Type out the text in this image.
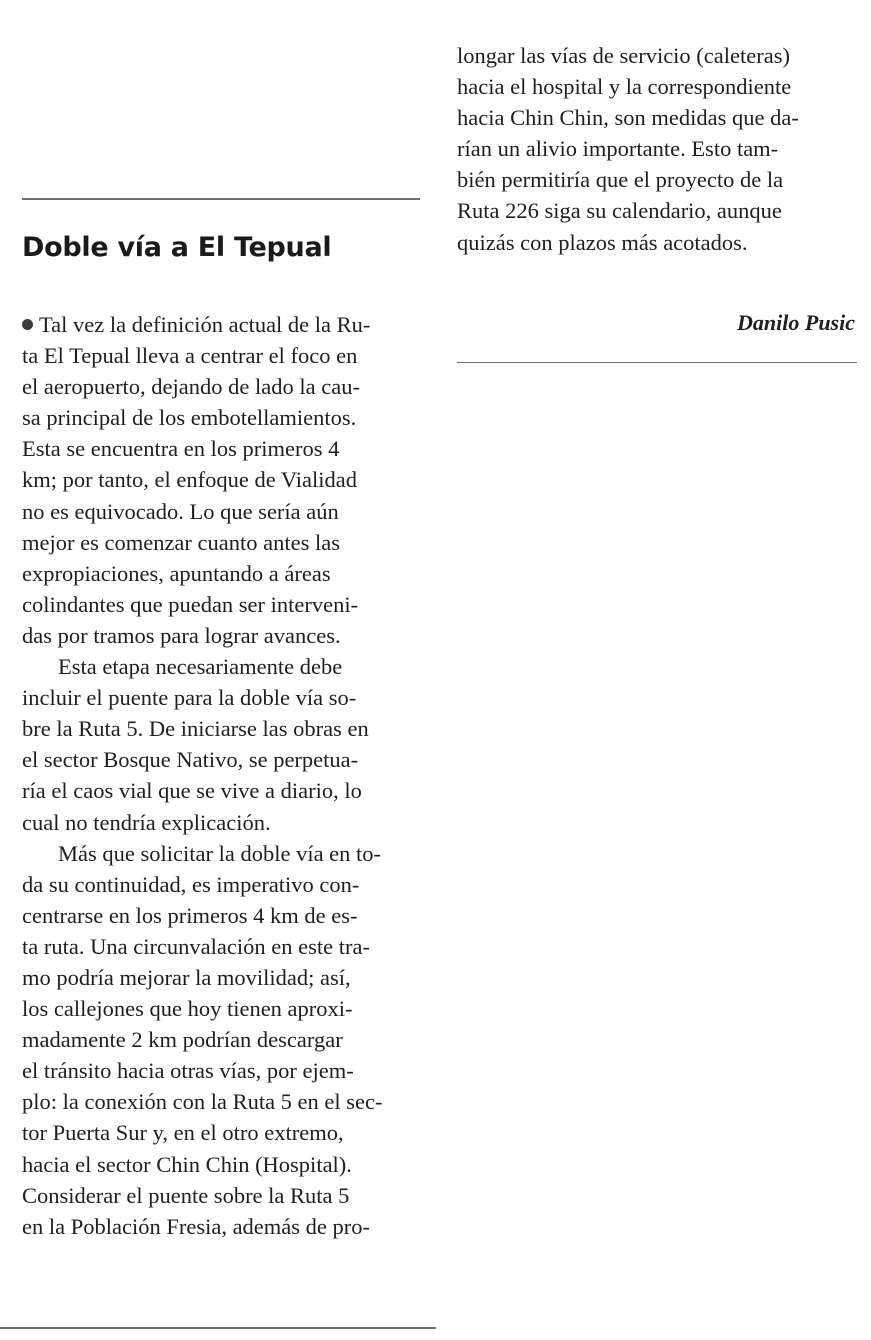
Doble vía a El Tepual
Tal vez la definición actual de la Ru-
ta El Tepual lleva a centrar el foco en
el aeropuerto, dejando de lado la cau-
sa principal de los embotellamientos.
Esta se encuentra en los primeros 4
km; por tanto, el enfoque de Vialidad
no es equivocado. Lo que sería aún
mejor es comenzar cuanto antes las
expropiaciones, apuntando a áreas
colindantes que puedan ser interveni-
das por tramos para lograr avances.
Esta etapa necesariamente debe
incluir el puente para la doble vía so-
bre la Ruta 5. De iniciarse las obras en
el sector Bosque Nativo, se perpetua-
ría el caos vial que se vive a diario, lo
cual no tendría explicación.
Más que solicitar la doble vía en to-
da su continuidad, es imperativo con-
centrarse en los primeros 4 km de es-
ta ruta. Una circunvalación en este tra-
mo podría mejorar la movilidad; así,
los callejones que hoy tienen aproxi-
madamente 2 km podrían descargar
el tránsito hacia otras vías, por ejem-
plo: la conexión con la Ruta 5 en el sec-
tor Puerta Sur y, en el otro extremo,
hacia el sector Chin Chin (Hospital).
Considerar el puente sobre la Ruta 5
en la Población Fresia, además de pro-
longar las vías de servicio (caleteras)
hacia el hospital y la correspondiente
hacia Chin Chin, son medidas que da-
rían un alivio importante. Esto tam-
bién permitiría que el proyecto de la
Ruta 226 siga su calendario, aunque
quizás con plazos más acotados.
Danilo Pusic
